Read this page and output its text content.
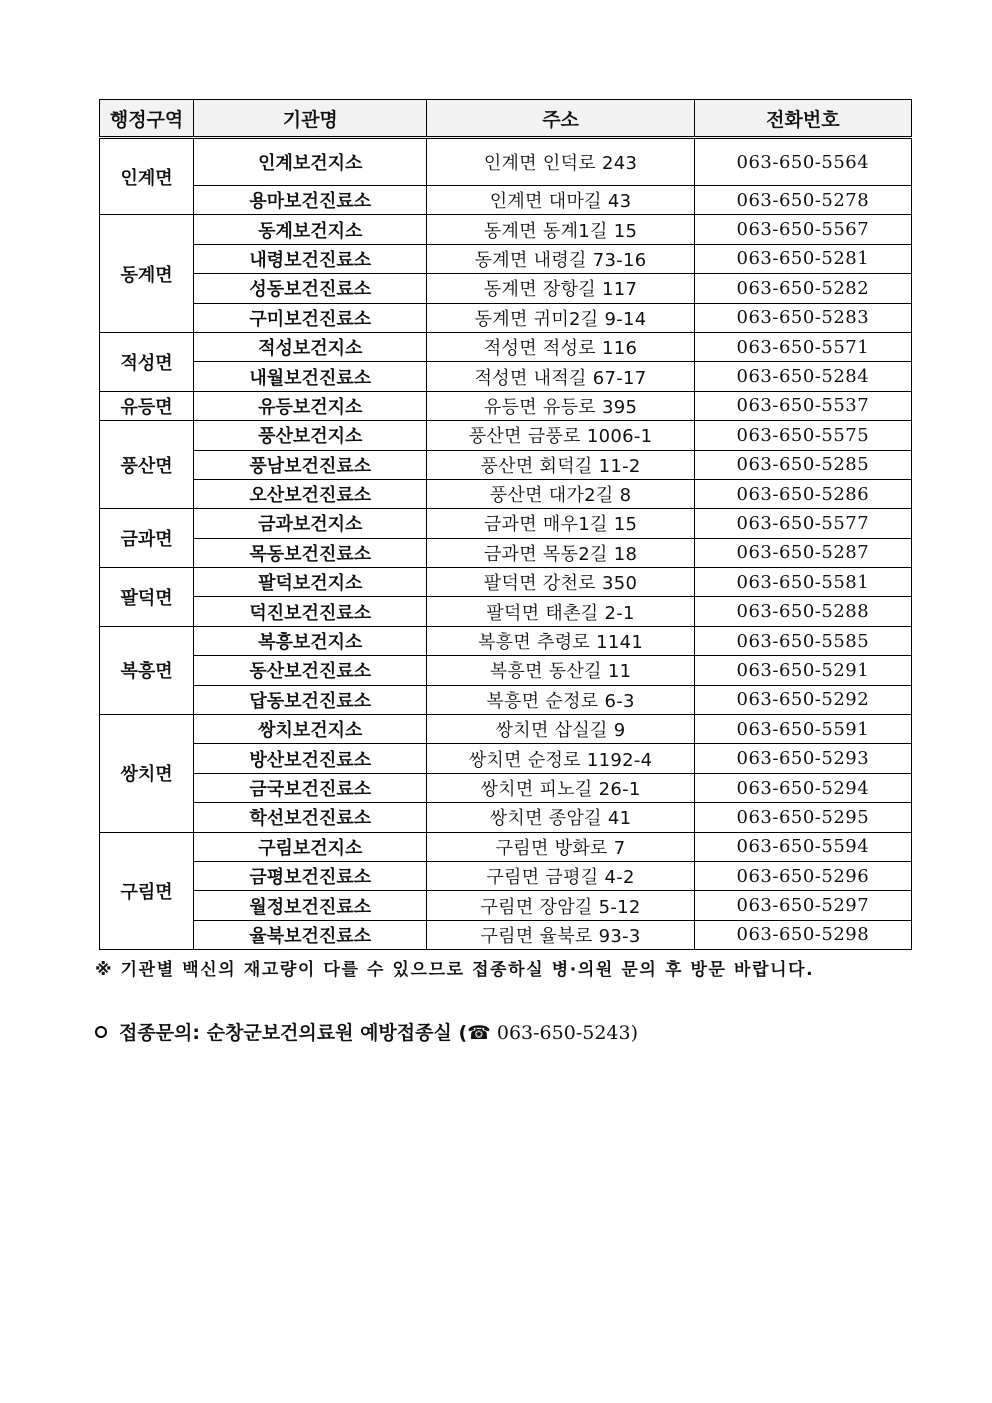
행정구역	기관명	주소	전화번호
인계면	인계보건지소	인계면 인덕로 243	063-650-5564
	용마보건진료소	인계면 대마길 43	063-650-5278
동계면	동계보건지소	동계면 동계1길 15	063-650-5567
	내령보건진료소	동계면 내령길 73-16	063-650-5281
	성동보건진료소	동계면 장항길 117	063-650-5282
	구미보건진료소	동계면 귀미2길 9-14	063-650-5283
적성면	적성보건지소	적성면 적성로 116	063-650-5571
	내월보건진료소	적성면 내적길 67-17	063-650-5284
유등면	유등보건지소	유등면 유등로 395	063-650-5537
풍산면	풍산보건지소	풍산면 금풍로 1006-1	063-650-5575
	풍남보건진료소	풍산면 회덕길 11-2	063-650-5285
	오산보건진료소	풍산면 대가2길 8	063-650-5286
금과면	금과보건지소	금과면 매우1길 15	063-650-5577
	목동보건진료소	금과면 목동2길 18	063-650-5287
팔덕면	팔덕보건지소	팔덕면 강천로 350	063-650-5581
	덕진보건진료소	팔덕면 태촌길 2-1	063-650-5288
복흥면	복흥보건지소	복흥면 추령로 1141	063-650-5585
	동산보건진료소	복흥면 동산길 11	063-650-5291
	답동보건진료소	복흥면 순정로 6-3	063-650-5292
쌍치면	쌍치보건지소	쌍치면 삽실길 9	063-650-5591
	방산보건진료소	쌍치면 순정로 1192-4	063-650-5293
	금국보건진료소	쌍치면 피노길 26-1	063-650-5294
	학선보건진료소	쌍치면 종암길 41	063-650-5295
구림면	구림보건지소	구림면 방화로 7	063-650-5594
	금평보건진료소	구림면 금평길 4-2	063-650-5296
	월정보건진료소	구림면 장암길 5-12	063-650-5297
	율북보건진료소	구림면 율북로 93-3	063-650-5298
※ 기관별 백신의 재고량이 다를 수 있으므로 접종하실 병·의원 문의 후 방문 바랍니다.
접종문의: 순창군보건의료원 예방접종실 (☎ 063-650-5243)
